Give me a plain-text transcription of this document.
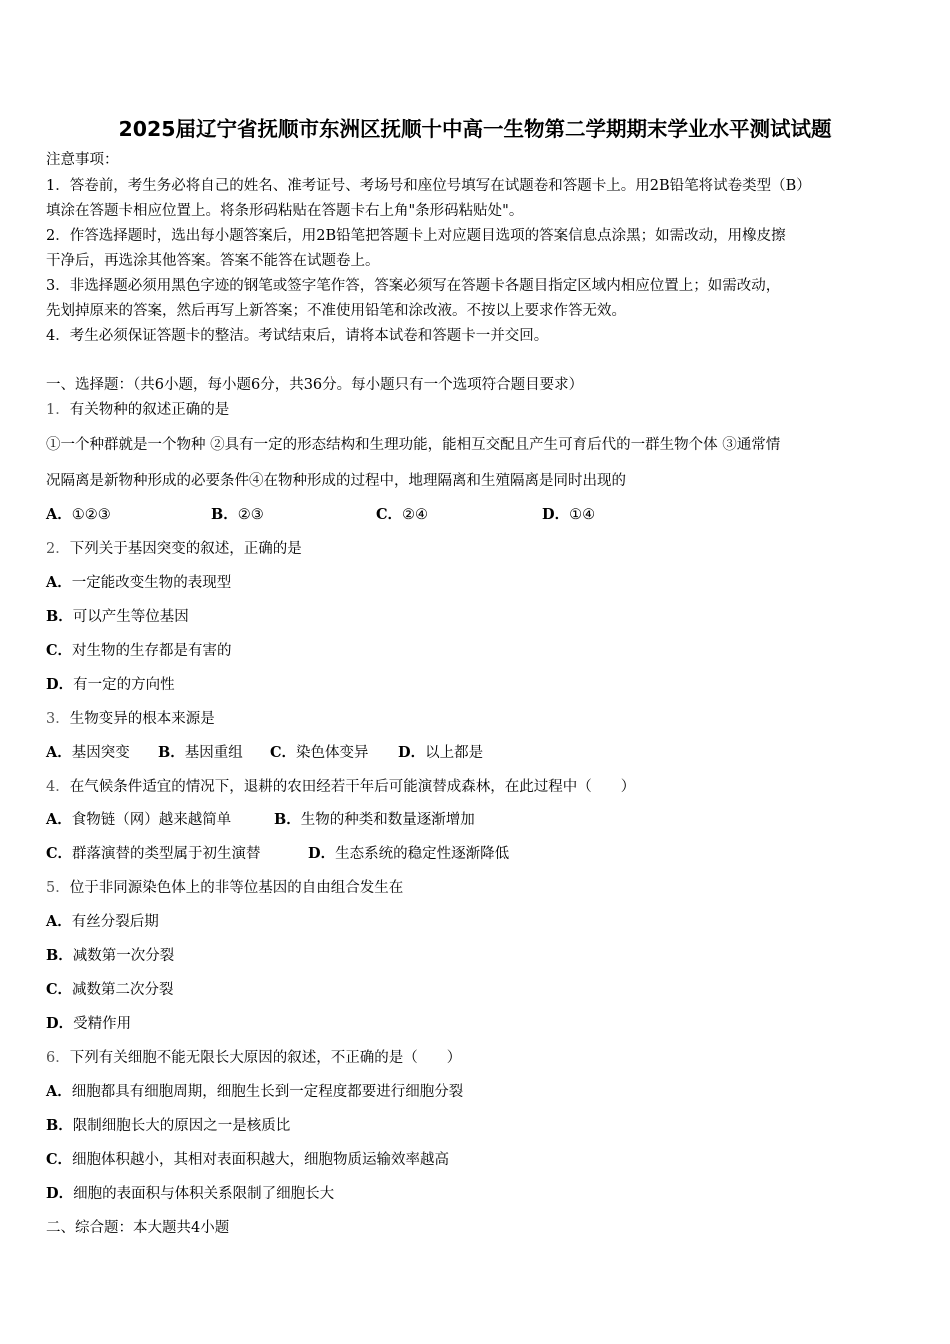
2025届辽宁省抚顺市东洲区抚顺十中高一生物第二学期期末学业水平测试试题
注意事项：
1．答卷前，考生务必将自己的姓名、准考证号、考场号和座位号填写在试题卷和答题卡上。用2B铅笔将试卷类型（B）
填涂在答题卡相应位置上。将条形码粘贴在答题卡右上角"条形码粘贴处"。
2．作答选择题时，选出每小题答案后，用2B铅笔把答题卡上对应题目选项的答案信息点涂黑；如需改动，用橡皮擦
干净后，再选涂其他答案。答案不能答在试题卷上。
3．非选择题必须用黑色字迹的钢笔或签字笔作答，答案必须写在答题卡各题目指定区域内相应位置上；如需改动，
先划掉原来的答案，然后再写上新答案；不准使用铅笔和涂改液。不按以上要求作答无效。
4．考生必须保证答题卡的整洁。考试结束后，请将本试卷和答题卡一并交回。
一、选择题：（共6小题，每小题6分，共36分。每小题只有一个选项符合题目要求）
1．有关物种的叙述正确的是
①一个种群就是一个物种 ②具有一定的形态结构和生理功能，能相互交配且产生可育后代的一群生物个体 ③通常情
况隔离是新物种形成的必要条件④在物种形成的过程中，地理隔离和生殖隔离是同时出现的
A．①②③	B．②③	C．②④	D．①④
2．下列关于基因突变的叙述，正确的是
A．一定能改变生物的表现型
B．可以产生等位基因
C．对生物的生存都是有害的
D．有一定的方向性
3．生物变异的根本来源是
A．基因突变 B．基因重组 C．染色体变异 D．以上都是
4．在气候条件适宜的情况下，退耕的农田经若干年后可能演替成森林，在此过程中（　　）
A．食物链（网）越来越简单	B．生物的种类和数量逐渐增加
C．群落演替的类型属于初生演替	D．生态系统的稳定性逐渐降低
5．位于非同源染色体上的非等位基因的自由组合发生在
A．有丝分裂后期
B．减数第一次分裂
C．减数第二次分裂
D．受精作用
6．下列有关细胞不能无限长大原因的叙述，不正确的是（　　）
A．细胞都具有细胞周期，细胞生长到一定程度都要进行细胞分裂
B．限制细胞长大的原因之一是核质比
C．细胞体积越小，其相对表面积越大，细胞物质运输效率越高
D．细胞的表面积与体积关系限制了细胞长大
二、综合题：本大题共4小题
